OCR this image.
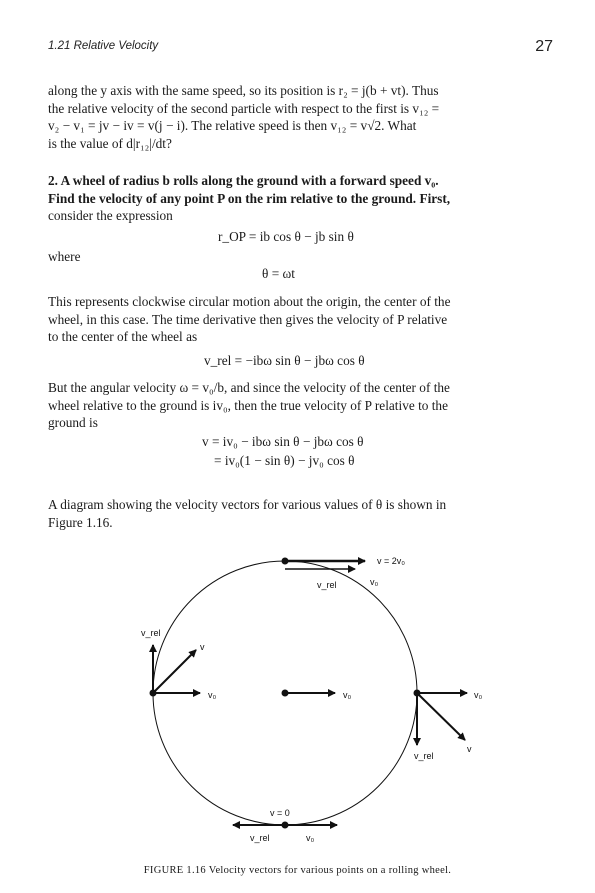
1.21 Relative Velocity	27

along the y axis with the same speed, so its position is r₂ = j(b + vt). Thus
the relative velocity of the second particle with respect to the first is v₁₂ =
v₂ − v₁ = jv − iv = v(j − i). The relative speed is then v₁₂ = v√2. What
is the value of d|r₁₂|/dt?

2. A wheel of radius b rolls along the ground with a forward speed v₀.
Find the velocity of any point P on the rim relative to the ground. First,
consider the expression

r_OP = ib cos θ − jb sin θ
where
θ = ωt

This represents clockwise circular motion about the origin, the center of the
wheel, in this case. The time derivative then gives the velocity of P relative
to the center of the wheel as

v_rel = −ibω sin θ − jbω cos θ

But the angular velocity ω = v₀/b, and since the velocity of the center of the
wheel relative to the ground is iv₀, then the true velocity of P relative to the
ground is

v = iv₀ − ibω sin θ − jbω cos θ
= iv₀(1 − sin θ) − jv₀ cos θ

A diagram showing the velocity vectors for various values of θ is shown in
Figure 1.16.

v = 2v₀
v_rel	v₀
v_rel
v
v₀	v₀	v₀
v
v_rel
v = 0
v_rel	v₀
FIGURE 1.16 Velocity vectors for various points on a rolling wheel.
